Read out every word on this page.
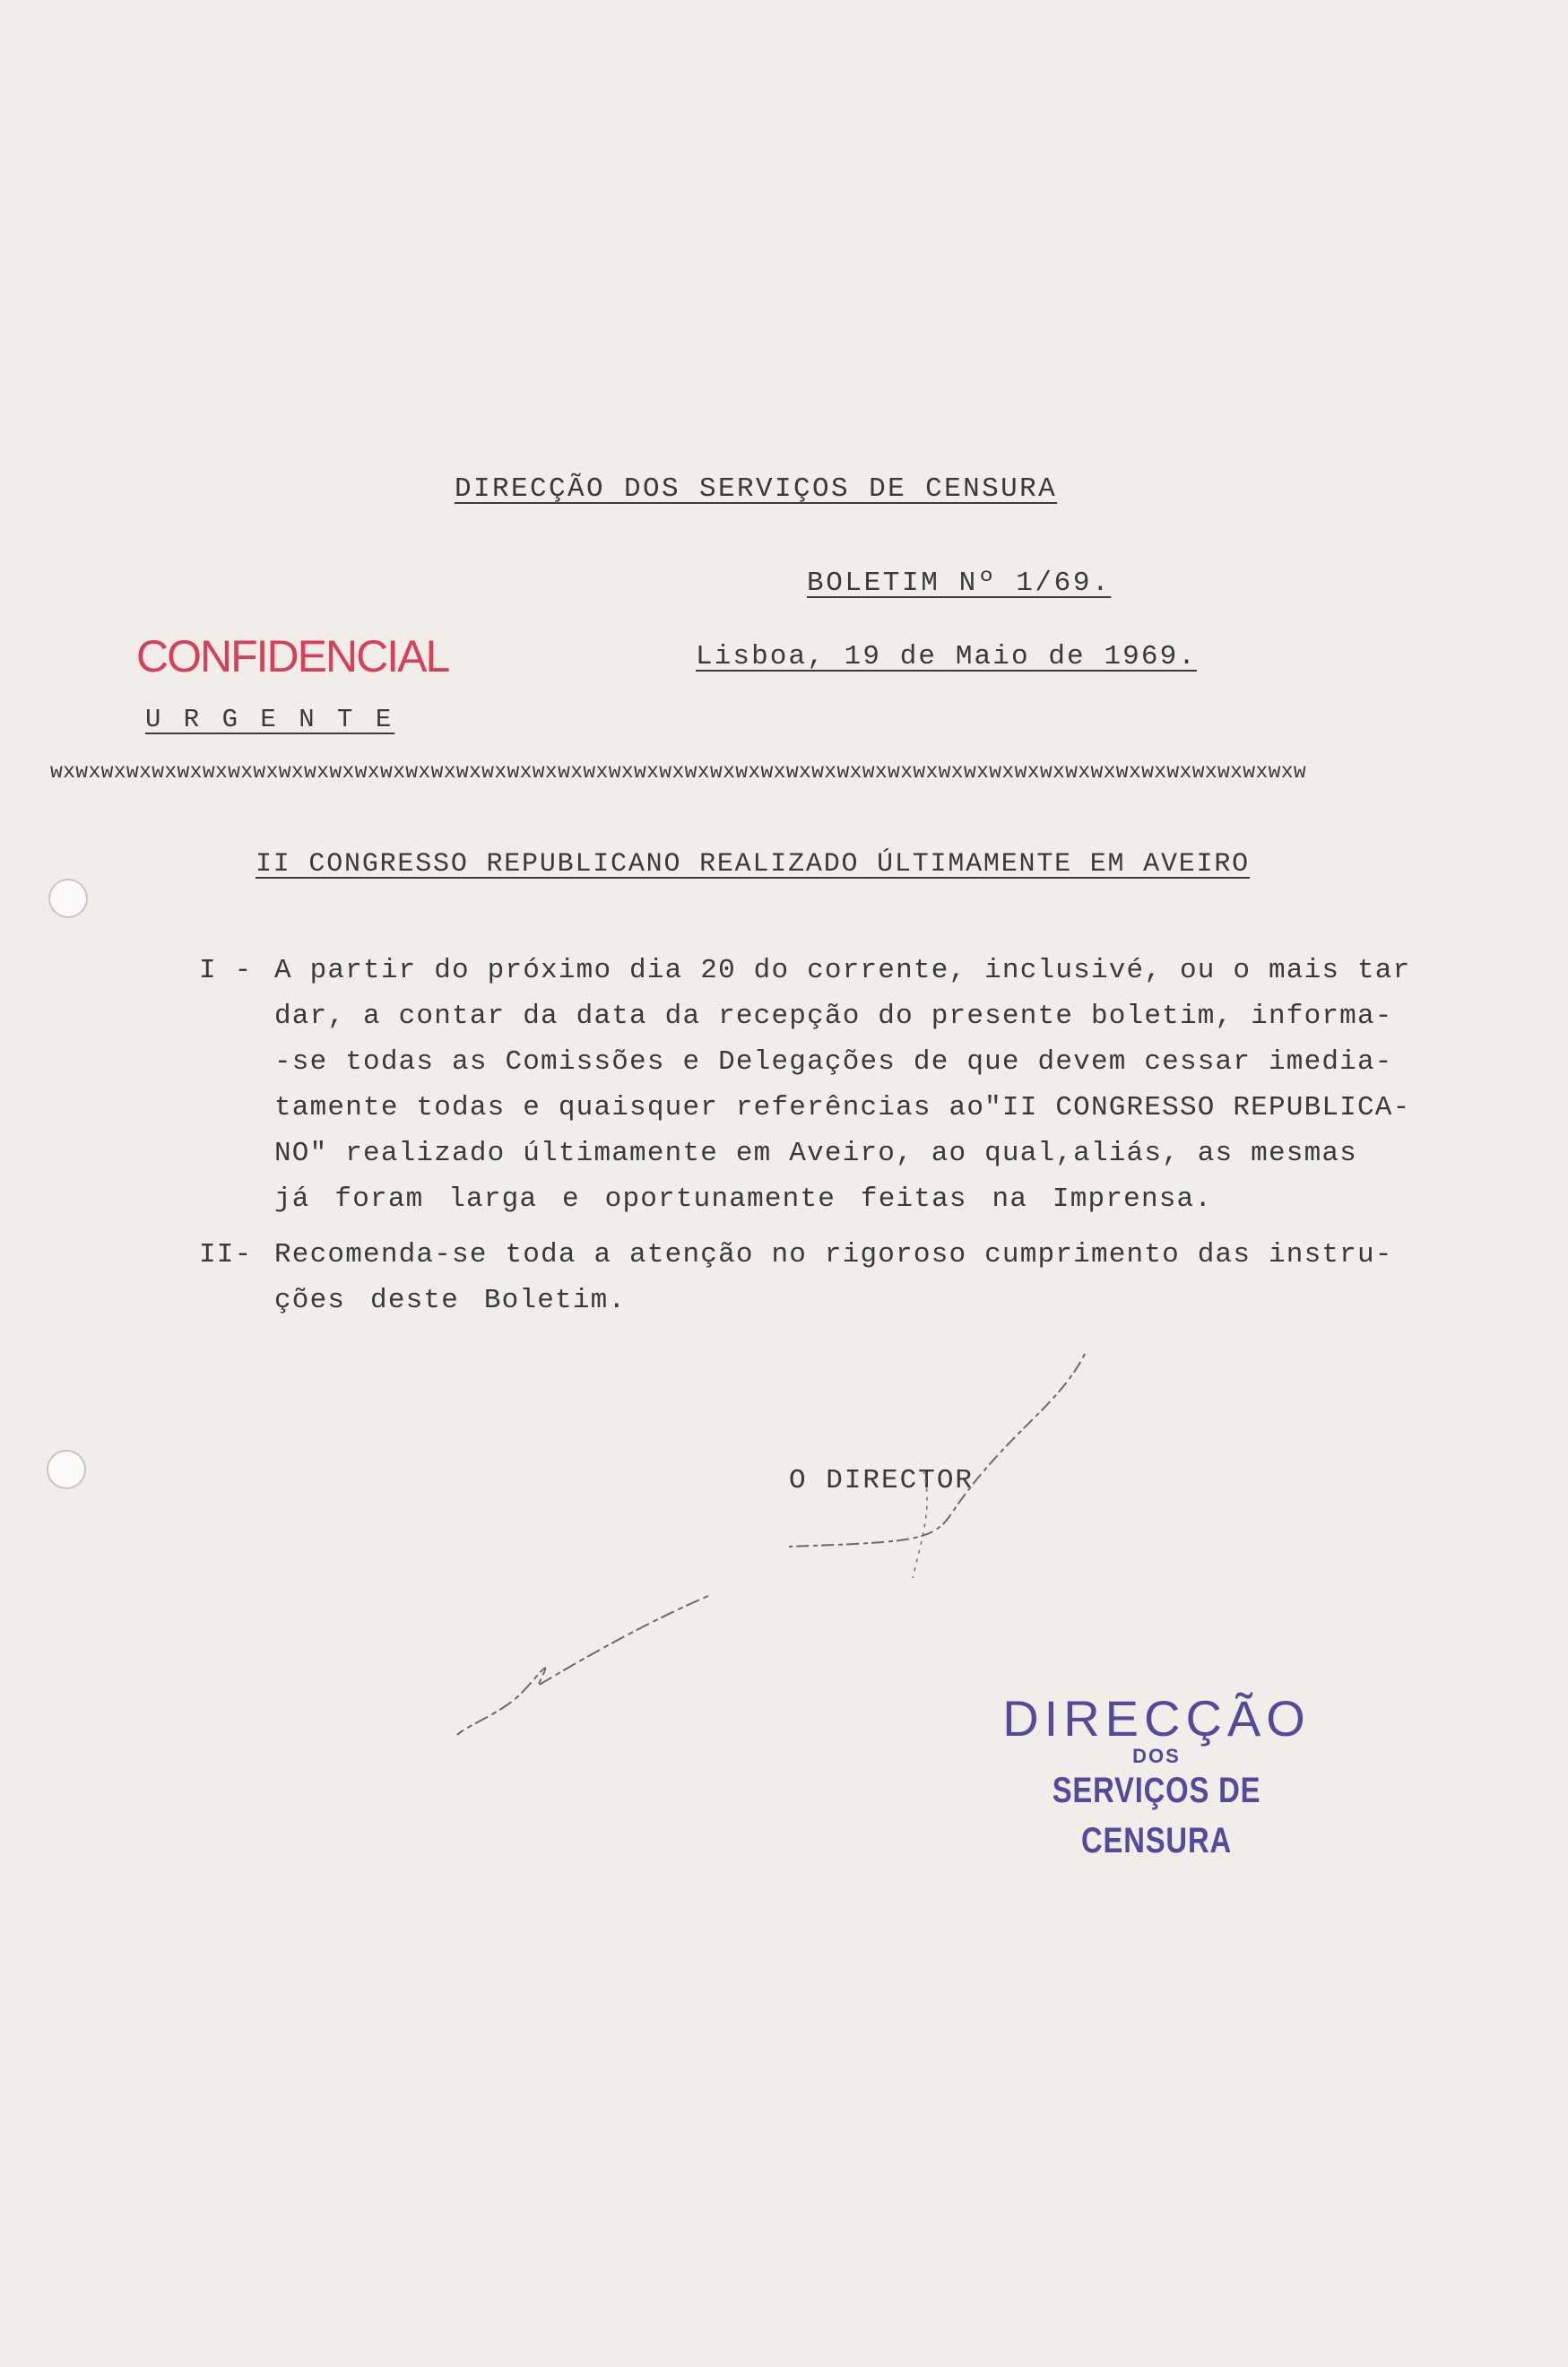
DIRECÇÃO DOS SERVIÇOS DE CENSURA
BOLETIM Nº 1/69.
Lisboa, 19 de Maio de 1969.
CONFIDENCIAL
U R G E N T E
wxwxwxwxwxwxwxwxwxwxwxwxwxwxwxwxwxwxwxwxwxwxwxwxwxwxwxwxwxwxwxwxwxwxwxwxwxwxwxwxwxwxwxwxwxwxwxwxwxw
II CONGRESSO REPUBLICANO REALIZADO ÚLTIMAMENTE EM AVEIRO
I - A partir do próximo dia 20 do corrente, inclusivé, ou o mais tar
dar, a contar da data da recepção do presente boletim, informa-
-se todas as Comissões e Delegações de que devem cessar imedia-
tamente todas e quaisquer referências ao"II CONGRESSO REPUBLICA-
NO" realizado últimamente em Aveiro, ao qual,aliás, as mesmas
já foram larga e oportunamente feitas na Imprensa.
II- Recomenda-se toda a atenção no rigoroso cumprimento das instru-
ções deste Boletim.
O DIRECTOR
DIRECÇÃO
DOS
SERVIÇOS DE CENSURA
